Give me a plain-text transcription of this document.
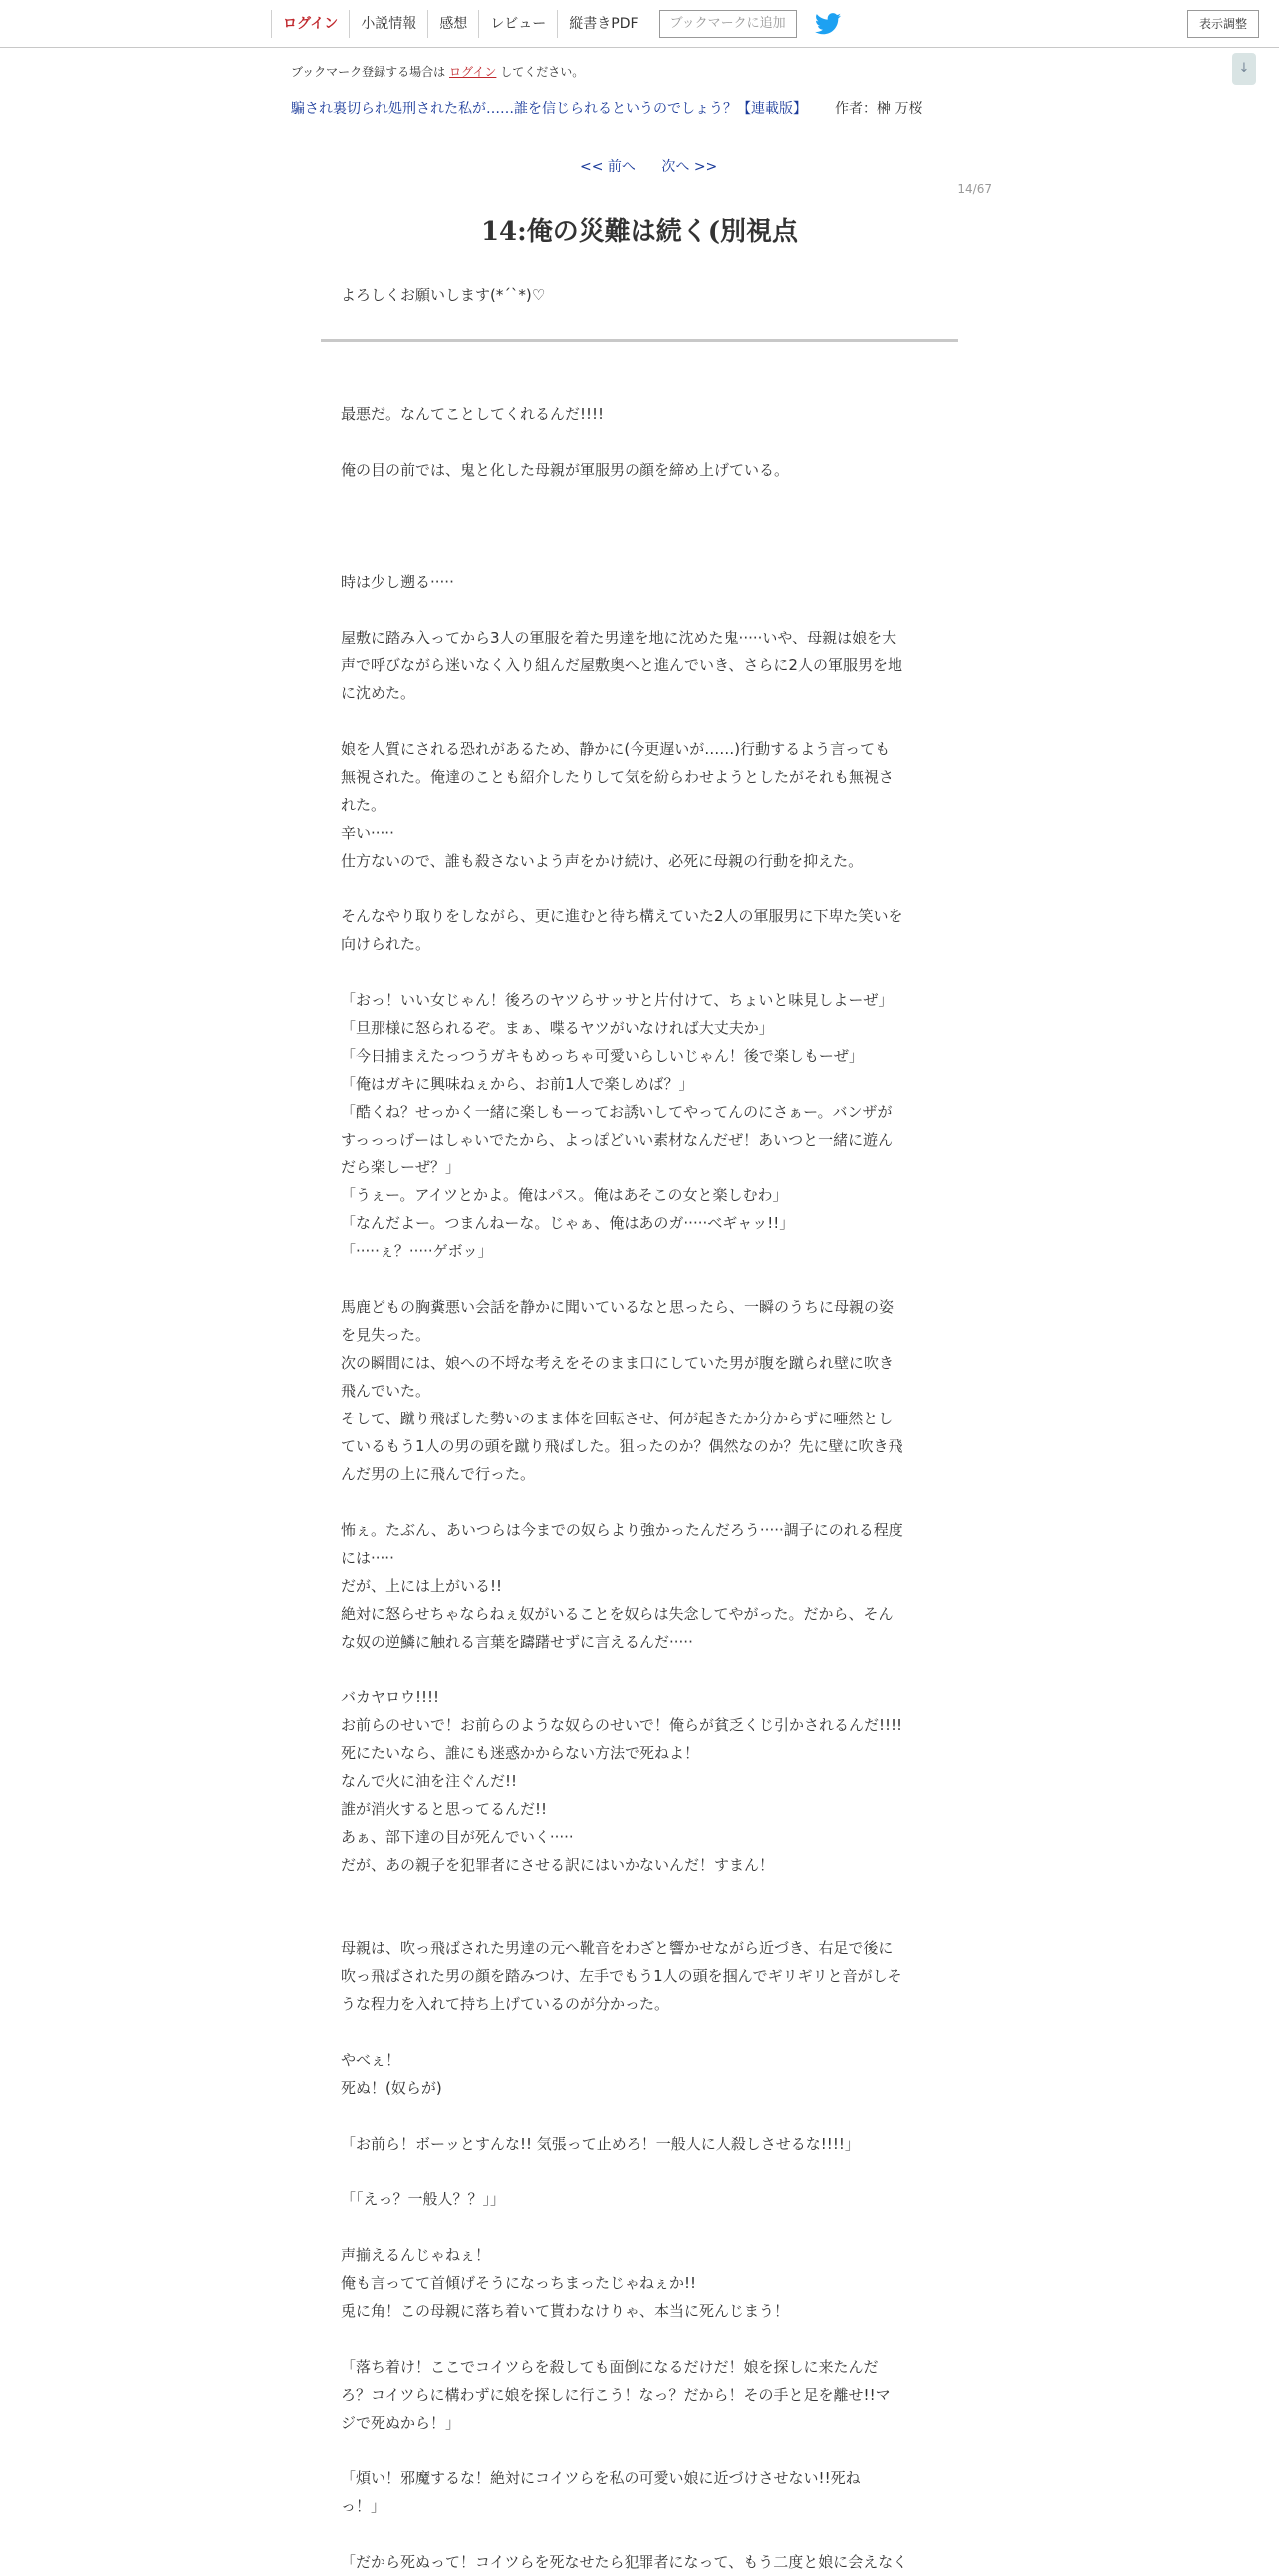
ログイン	小説情報	感想	レビュー	縦書きPDF	ブックマークに追加	表示調整
↓
ブックマーク登録する場合は ログイン してください。
騙され裏切られ処刑された私が……誰を信じられるというのでしょう？【連載版】 作者：榊 万桜
<< 前へ 次へ >>
14/67
14:俺の災難は続く(別視点
よろしくお願いします(*´`*)♡
最悪だ。なんてことしてくれるんだ!!!!
俺の目の前では、鬼と化した母親が軍服男の顔を締め上げている。
時は少し遡る·····
屋敷に踏み入ってから3人の軍服を着た男達を地に沈めた鬼·····いや、母親は娘を大
声で呼びながら迷いなく入り組んだ屋敷奥へと進んでいき、さらに2人の軍服男を地
に沈めた。
娘を人質にされる恐れがあるため、静かに(今更遅いが……)行動するよう言っても
無視された。俺達のことも紹介したりして気を紛らわせようとしたがそれも無視さ
れた。
辛い·····
仕方ないので、誰も殺さないよう声をかけ続け、必死に母親の行動を抑えた。
そんなやり取りをしながら、更に進むと待ち構えていた2人の軍服男に下卑た笑いを
向けられた。
「おっ！いい女じゃん！後ろのヤツらサッサと片付けて、ちょいと味見しよーぜ」
「旦那様に怒られるぞ。まぁ、喋るヤツがいなければ大丈夫か」
「今日捕まえたっつうガキもめっちゃ可愛いらしいじゃん！後で楽しもーぜ」
「俺はガキに興味ねぇから、お前1人で楽しめば？」
「酷くね？せっかく一緒に楽しもーってお誘いしてやってんのにさぁー。バンザが
すっっっげーはしゃいでたから、よっぽどいい素材なんだぜ！あいつと一緒に遊ん
だら楽しーぜ？」
「うぇー。アイツとかよ。俺はパス。俺はあそこの女と楽しむわ」
「なんだよー。つまんねーな。じゃぁ、俺はあのガ·····べギャッ!!」
「·····ぇ？·····ゲボッ」
馬鹿どもの胸糞悪い会話を静かに聞いているなと思ったら、一瞬のうちに母親の姿
を見失った。
次の瞬間には、娘への不埒な考えをそのまま口にしていた男が腹を蹴られ壁に吹き
飛んでいた。
そして、蹴り飛ばした勢いのまま体を回転させ、何が起きたか分からずに唖然とし
ているもう1人の男の頭を蹴り飛ばした。狙ったのか？偶然なのか？先に壁に吹き飛
んだ男の上に飛んで行った。
怖ぇ。たぶん、あいつらは今までの奴らより強かったんだろう·····調子にのれる程度
には·····
だが、上には上がいる!!
絶対に怒らせちゃならねぇ奴がいることを奴らは失念してやがった。だから、そん
な奴の逆鱗に触れる言葉を躊躇せずに言えるんだ·····
バカヤロウ!!!!
お前らのせいで！お前らのような奴らのせいで！俺らが貧乏くじ引かされるんだ!!!!
死にたいなら、誰にも迷惑かからない方法で死ねよ！
なんで火に油を注ぐんだ!!
誰が消火すると思ってるんだ!!
あぁ、部下達の目が死んでいく·····
だが、あの親子を犯罪者にさせる訳にはいかないんだ！すまん！
母親は、吹っ飛ばされた男達の元へ靴音をわざと響かせながら近づき、右足で後に
吹っ飛ばされた男の顔を踏みつけ、左手でもう1人の頭を掴んでギリギリと音がしそ
うな程力を入れて持ち上げているのが分かった。
やべぇ！
死ぬ！(奴らが)
「お前ら！ボーッとすんな!! 気張って止めろ！一般人に人殺しさせるな!!!!」
「「えっ？一般人？？」」
声揃えるんじゃねぇ！
俺も言ってて首傾げそうになっちまったじゃねぇか!!
兎に角！この母親に落ち着いて貰わなけりゃ、本当に死んじまう！
「落ち着け！ここでコイツらを殺しても面倒になるだけだ！娘を探しに来たんだ
ろ？コイツらに構わずに娘を探しに行こう！なっ？だから！その手と足を離せ!!マ
ジで死ぬから！」
「煩い！邪魔するな！絶対にコイツらを私の可愛い娘に近づけさせない!!死ね
っ！」
「だから死ぬって！コイツらを死なせたら犯罪者になって、もう二度と娘に会えなく
